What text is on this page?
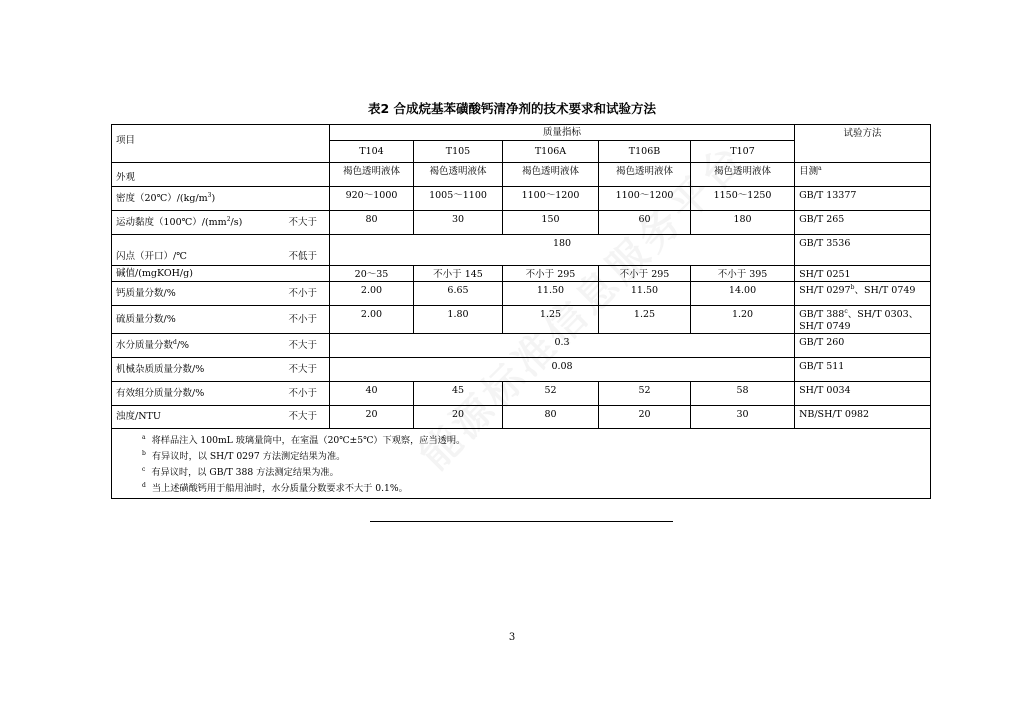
表2 合成烷基苯磺酸钙清净剂的技术要求和试验方法
项目	质量指标					试验方法
	T104	T105	T106A	T106B	T107	

外观	褐色透明液体	褐色透明液体	褐色透明液体	褐色透明液体	褐色透明液体	目测$^a$

密度$(20℃)/(kg/m^3)$	920～1000	1005～1100	1100～1200	1100～1200	1150～1250	GB/T 13377

运动黏度$(100℃)/(mm^2/s)$ 不大于	80	30	150	60	180	GB/T 265

闪点（开口）/℃ 不低于	180					GB/T 3536

碱值/(mgKOH/g)	20～35	不小于 145	不小于 295	不小于 295	不小于 395	SH/T 0251

钙质量分数/% 不小于	2.00	6.65	11.50	11.50	14.00	SH/T 0297$^b$、SH/T 0749

硫质量分数/% 不小于	2.00	1.80	1.25	1.25	1.20	GB/T 388$^c$、SH/T 0303、SH/T 0749

水分质量分数$^d$/% 不大于	0.3					GB/T 260

机械杂质质量分数/% 不大于	0.08					GB/T 511

有效组分质量分数/% 不小于	40	45	52	52	58	SH/T 0034

浊度/NTU 不大于	20	20	80	20	30	NB/SH/T 0982

$^a$ 将样品注入 100mL 玻璃量筒中，在室温（20℃±5℃）下观察，应当透明。
$^b$ 有异议时，以 SH/T 0297 方法测定结果为准。
$^c$ 有异议时，以 GB/T 388 方法测定结果为准。
$^d$ 当上述磺酸钙用于船用油时，水分质量分数要求不大于 0.1%。						
3
